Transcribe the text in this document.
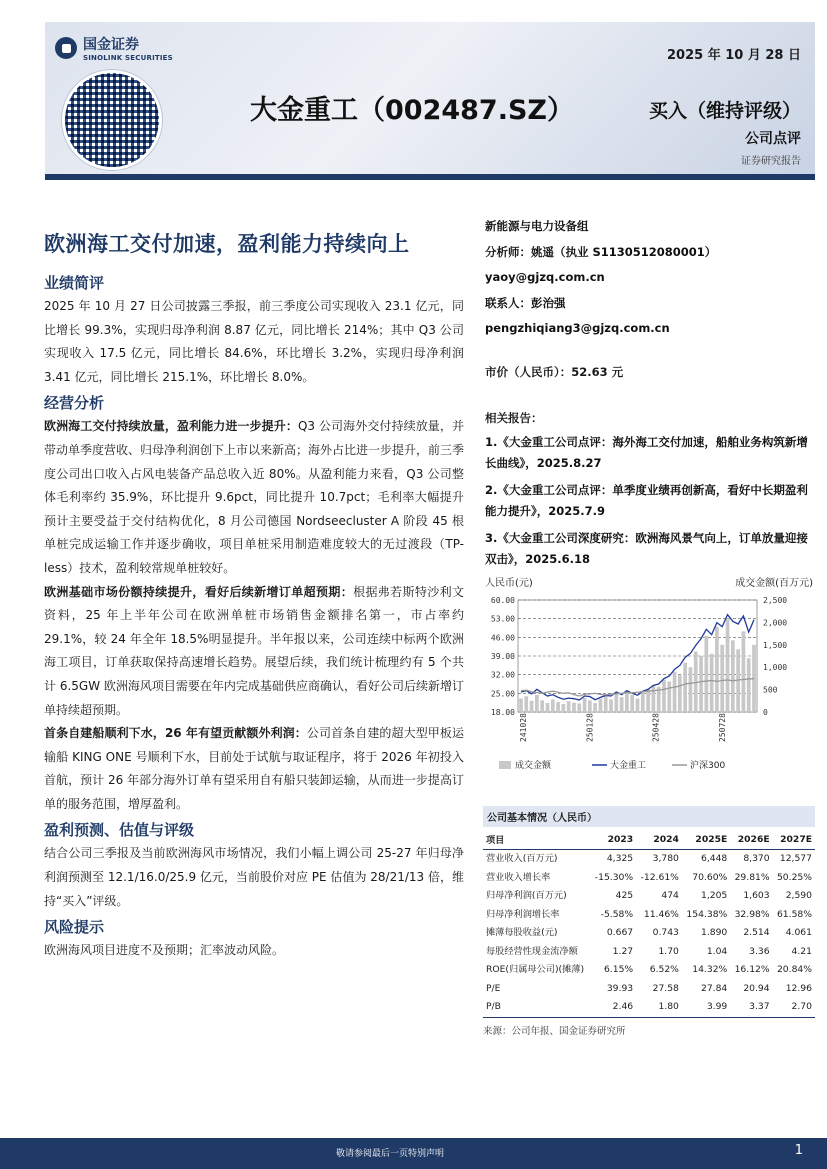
国金证券
SINOLINK SECURITIES	2025 年 10 月 28 日
大金重工（002487.SZ）	买入（维持评级）
公司点评
证券研究报告
欧洲海工交付加速，盈利能力持续向上
业绩简评

2025 年 10 月 27 日公司披露三季报，前三季度公司实现收入 23.1 亿元，同比增长 99.3%，实现归母净利润 8.87 亿元，同比增长 214%；其中 Q3 公司实现收入 17.5 亿元，同比增长 84.6%，环比增长 3.2%，实现归母净利润 3.41 亿元，同比增长 215.1%，环比增长 8.0%。

经营分析

欧洲海工交付持续放量，盈利能力进一步提升：Q3 公司海外交付持续放量，并带动单季度营收、归母净利润创下上市以来新高；海外占比进一步提升，前三季度公司出口收入占风电装备产品总收入近 80%。从盈利能力来看，Q3 公司整体毛利率约 35.9%，环比提升 9.6pct，同比提升 10.7pct；毛利率大幅提升预计主要受益于交付结构优化，8 月公司德国 Nordseecluster A 阶段 45 根单桩完成运输工作并逐步确收，项目单桩采用制造难度较大的无过渡段（TP-less）技术，盈利较常规单桩较好。

欧洲基础市场份额持续提升，看好后续新增订单超预期：根据弗若斯特沙利文资料，25 年上半年公司在欧洲单桩市场销售金额排名第一，市占率约 29.1%，较 24 年全年 18.5%明显提升。半年报以来，公司连续中标两个欧洲海工项目，订单获取保持高速增长趋势。展望后续，我们统计梳理约有 5 个共计 6.5GW 欧洲海风项目需要在年内完成基础供应商确认，看好公司后续新增订单持续超预期。

首条自建船顺利下水，26 年有望贡献额外利润：公司首条自建的超大型甲板运输船 KING ONE 号顺利下水，目前处于试航与取证程序，将于 2026 年初投入首航，预计 26 年部分海外订单有望采用自有船只装卸运输，从而进一步提高订单的服务范围，增厚盈利。

盈利预测、估值与评级

结合公司三季报及当前欧洲海风市场情况，我们小幅上调公司 25-27 年归母净利润预测至 12.1/16.0/25.9 亿元，当前股价对应 PE 估值为 28/21/13 倍，维持“买入”评级。

风险提示

欧洲海风项目进度不及预期；汇率波动风险。

新能源与电力设备组
分析师：姚遥（执业 S1130512080001）
yaoy@gjzq.com.cn
联系人：彭治强
pengzhiqiang3@gjzq.com.cn
市价（人民币）：52.63 元
相关报告：
1.《大金重工公司点评：海外海工交付加速，船舶业务构筑新增长曲线》，2025.8.27
2.《大金重工公司点评：单季度业绩再创新高，看好中长期盈利能力提升》，2025.7.9
3.《大金重工公司深度研究：欧洲海风景气向上，订单放量迎接双击》，2025.6.18
人民币(元)	成交金额(百万元)
60.00
53.00
46.00
39.00
32.00
25.00
18.00
2,500
2,000
1,500
1,000
500
0
241028	250128	250428	250728
成交金额	大金重工	沪深300
公司基本情况（人民币）
项目	2023	2024	2025E	2026E	2027E
营业收入(百万元)	4,325	3,780	6,448	8,370	12,577
营业收入增长率	-15.30%	-12.61%	70.60%	29.81%	50.25%
归母净利润(百万元)	425	474	1,205	1,603	2,590
归母净利润增长率	-5.58%	11.46%	154.38%	32.98%	61.58%
摊薄每股收益(元)	0.667	0.743	1.890	2.514	4.061
每股经营性现金流净额	1.27	1.70	1.04	3.36	4.21
ROE(归属母公司)(摊薄)	6.15%	6.52%	14.32%	16.12%	20.84%
P/E	39.93	27.58	27.84	20.94	12.96
P/B	2.46	1.80	3.99	3.37	2.70
来源：公司年报、国金证券研究所
敬请参阅最后一页特别声明	1
